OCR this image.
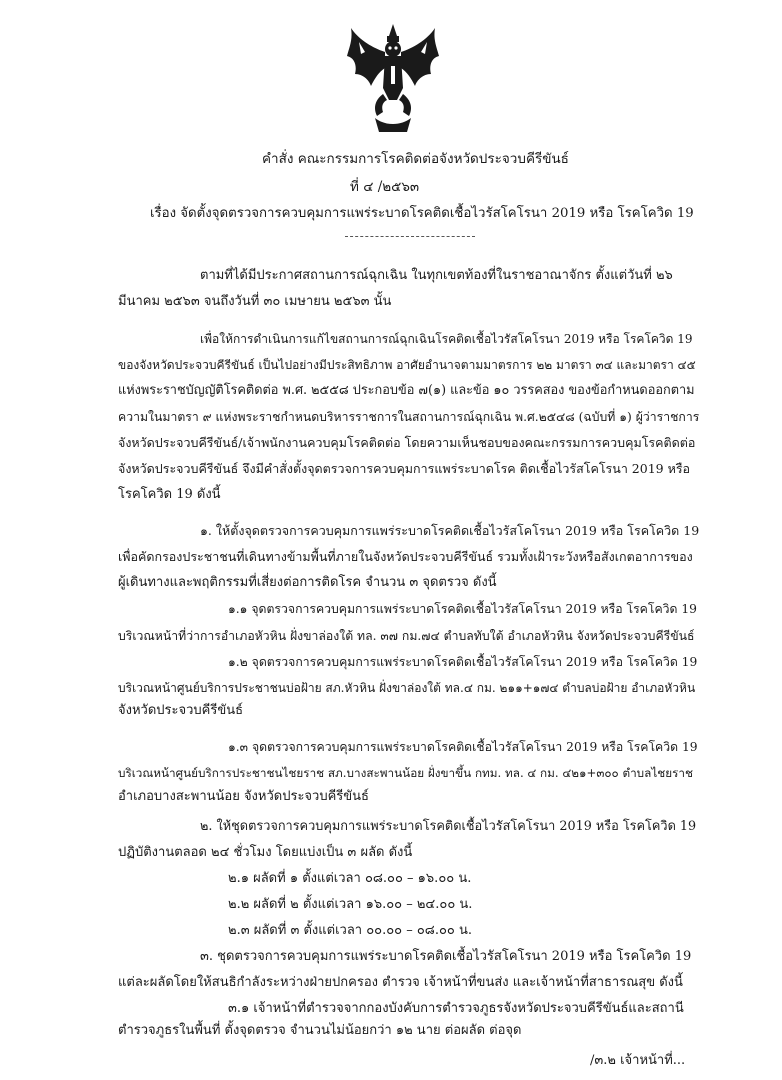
คำสั่ง คณะกรรมการโรคติดต่อจังหวัดประจวบคีรีขันธ์
ที่ ๔ /๒๕๖๓
เรื่อง จัดตั้งจุดตรวจการควบคุมการแพร่ระบาดโรคติดเชื้อไวรัสโคโรนา 2019 หรือ โรคโควิด 19
ตามที่ได้มีประกาศสถานการณ์ฉุกเฉิน ในทุกเขตท้องที่ในราชอาณาจักร ตั้งแต่วันที่ ๒๖
มีนาคม ๒๕๖๓ จนถึงวันที่ ๓๐ เมษายน ๒๕๖๓ นั้น
เพื่อให้การดำเนินการแก้ไขสถานการณ์ฉุกเฉินโรคติดเชื้อไวรัสโคโรนา 2019 หรือ โรคโควิด 19
ของจังหวัดประจวบคีรีขันธ์ เป็นไปอย่างมีประสิทธิภาพ อาศัยอำนาจตามมาตรการ ๒๒ มาตรา ๓๔ และมาตรา ๔๕
แห่งพระราชบัญญัติโรคติดต่อ พ.ศ. ๒๕๕๘ ประกอบข้อ ๗(๑) และข้อ ๑๐ วรรคสอง ของข้อกำหนดออกตาม
ความในมาตรา ๙ แห่งพระราชกำหนดบริหารราชการในสถานการณ์ฉุกเฉิน พ.ศ.๒๕๔๘ (ฉบับที่ ๑) ผู้ว่าราชการ
จังหวัดประจวบคีรีขันธ์/เจ้าพนักงานควบคุมโรคติดต่อ โดยความเห็นชอบของคณะกรรมการควบคุมโรคติดต่อ
จังหวัดประจวบคีรีขันธ์ จึงมีคำสั่งตั้งจุดตรวจการควบคุมการแพร่ระบาดโรค ติดเชื้อไวรัสโคโรนา 2019 หรือ
โรคโควิด 19 ดังนี้
๑. ให้ตั้งจุดตรวจการควบคุมการแพร่ระบาดโรคติดเชื้อไวรัสโคโรนา 2019 หรือ โรคโควิด 19
เพื่อคัดกรองประชาชนที่เดินทางข้ามพื้นที่ภายในจังหวัดประจวบคีรีขันธ์ รวมทั้งเฝ้าระวังหรือสังเกตอาการของ
ผู้เดินทางและพฤติกรรมที่เสี่ยงต่อการติดโรค จำนวน ๓ จุดตรวจ ดังนี้
๑.๑ จุดตรวจการควบคุมการแพร่ระบาดโรคติดเชื้อไวรัสโคโรนา 2019 หรือ โรคโควิด 19
บริเวณหน้าที่ว่าการอำเภอหัวหิน ฝั่งขาล่องใต้ ทล. ๓๗ กม.๗๔ ตำบลทับใต้ อำเภอหัวหิน จังหวัดประจวบคีรีขันธ์
๑.๒ จุดตรวจการควบคุมการแพร่ระบาดโรคติดเชื้อไวรัสโคโรนา 2019 หรือ โรคโควิด 19
บริเวณหน้าศูนย์บริการประชาชนบ่อฝ้าย สภ.หัวหิน ฝั่งขาล่องใต้ ทล.๔ กม. ๒๑๑+๑๗๔ ตำบลบ่อฝ้าย อำเภอหัวหิน
จังหวัดประจวบคีรีขันธ์
๑.๓ จุดตรวจการควบคุมการแพร่ระบาดโรคติดเชื้อไวรัสโคโรนา 2019 หรือ โรคโควิด 19
บริเวณหน้าศูนย์บริการประชาชนไชยราช สภ.บางสะพานน้อย ฝั่งขาขึ้น กทม. ทล. ๔ กม. ๔๒๑+๓๐๐ ตำบลไชยราช
อำเภอบางสะพานน้อย จังหวัดประจวบคีรีขันธ์
๒. ให้ชุดตรวจการควบคุมการแพร่ระบาดโรคติดเชื้อไวรัสโคโรนา 2019 หรือ โรคโควิด 19
ปฏิบัติงานตลอด ๒๔ ชั่วโมง โดยแบ่งเป็น ๓ ผลัด ดังนี้
๒.๑ ผลัดที่ ๑ ตั้งแต่เวลา ๐๘.๐๐ – ๑๖.๐๐ น.
๒.๒ ผลัดที่ ๒ ตั้งแต่เวลา ๑๖.๐๐ – ๒๔.๐๐ น.
๒.๓ ผลัดที่ ๓ ตั้งแต่เวลา ๐๐.๐๐ – ๐๘.๐๐ น.
๓. ชุดตรวจการควบคุมการแพร่ระบาดโรคติดเชื้อไวรัสโคโรนา 2019 หรือ โรคโควิด 19
แต่ละผลัดโดยให้สนธิกำลังระหว่างฝ่ายปกครอง ตำรวจ เจ้าหน้าที่ขนส่ง และเจ้าหน้าที่สาธารณสุข ดังนี้
๓.๑ เจ้าหน้าที่ตำรวจจากกองบังคับการตำรวจภูธรจังหวัดประจวบคีรีขันธ์และสถานี
ตำรวจภูธรในพื้นที่ ตั้งจุดตรวจ จำนวนไม่น้อยกว่า ๑๒ นาย ต่อผลัด ต่อจุด
/๓.๒ เจ้าหน้าที่...
